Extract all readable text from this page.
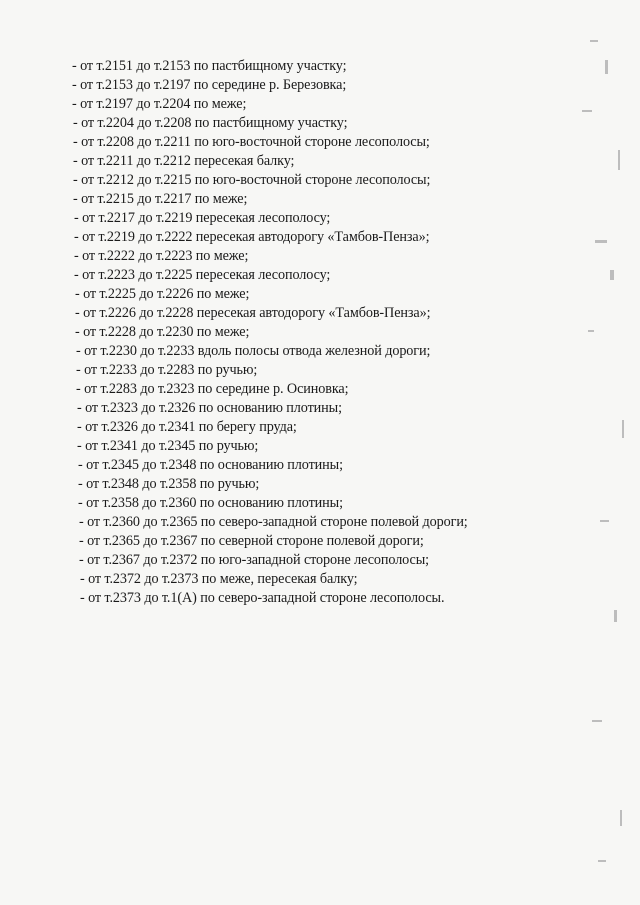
- от т.2151 до т.2153 по пастбищному участку;
- от т.2153 до т.2197 по середине р. Березовка;
- от т.2197 до т.2204 по меже;
- от т.2204 до т.2208 по пастбищному участку;
- от т.2208 до т.2211 по юго-восточной стороне лесополосы;
- от т.2211 до т.2212 пересекая балку;
- от т.2212 до т.2215 по юго-восточной стороне лесополосы;
- от т.2215 до т.2217 по меже;
- от т.2217 до т.2219 пересекая лесополосу;
- от т.2219 до т.2222 пересекая автодорогу «Тамбов-Пенза»;
- от т.2222 до т.2223 по меже;
- от т.2223 до т.2225 пересекая лесополосу;
- от т.2225 до т.2226 по меже;
- от т.2226 до т.2228 пересекая автодорогу «Тамбов-Пенза»;
- от т.2228 до т.2230 по меже;
- от т.2230 до т.2233 вдоль полосы отвода железной дороги;
- от т.2233 до т.2283 по ручью;
- от т.2283 до т.2323 по середине р. Осиновка;
- от т.2323 до т.2326 по основанию плотины;
- от т.2326 до т.2341 по берегу пруда;
- от т.2341 до т.2345 по ручью;
- от т.2345 до т.2348 по основанию плотины;
- от т.2348 до т.2358 по ручью;
- от т.2358 до т.2360 по основанию плотины;
- от т.2360 до т.2365 по северо-западной стороне полевой дороги;
- от т.2365 до т.2367 по северной стороне полевой дороги;
- от т.2367 до т.2372 по юго-западной стороне лесополосы;
- от т.2372 до т.2373 по меже, пересекая балку;
- от т.2373 до т.1(А) по северо-западной стороне лесополосы.
